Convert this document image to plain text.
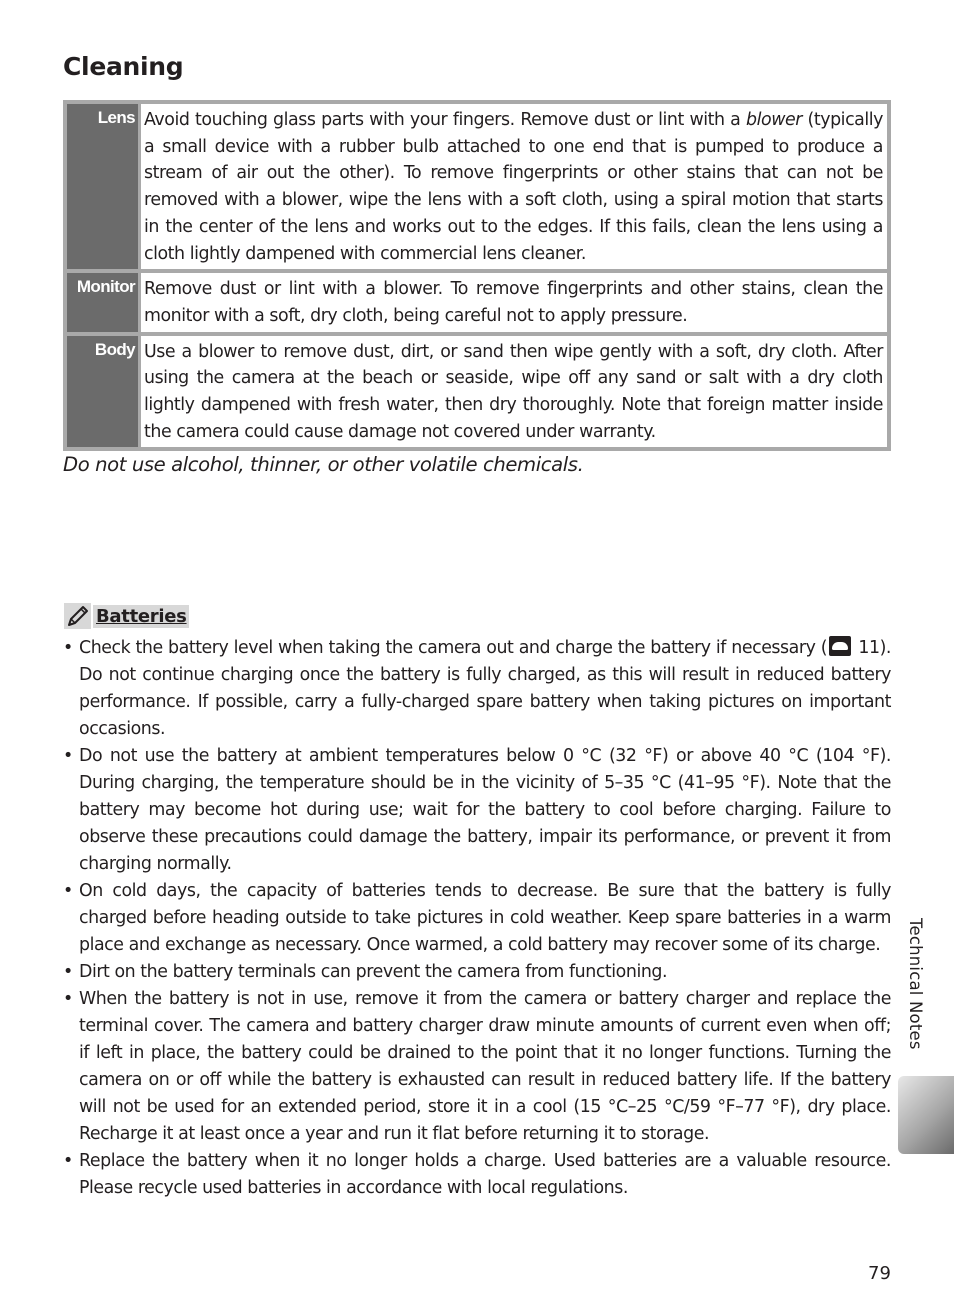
Cleaning
Lens	Avoid touching glass parts with your fingers. Remove dust or lint with a blower (typically a small device with a rubber bulb attached to one end that is pumped to produce a stream of air out the other). To remove fingerprints or other stains that can not be removed with a blower, wipe the lens with a soft cloth, using a spiral motion that starts in the center of the lens and works out to the edges. If this fails, clean the lens using a cloth lightly dampened with commercial lens cleaner.

Monitor	Remove dust or lint with a blower. To remove fingerprints and other stains, clean the monitor with a soft, dry cloth, being careful not to apply pressure.

Body	Use a blower to remove dust, dirt, or sand then wipe gently with a soft, dry cloth. After using the camera at the beach or seaside, wipe off any sand or salt with a dry cloth lightly dampened with fresh water, then dry thoroughly. Note that foreign matter inside the camera could cause damage not covered under warranty.
Do not use alcohol, thinner, or other volatile chemicals.
Batteries
• Check the battery level when taking the camera out and charge the battery if necessary ( 11). Do not continue charging once the battery is fully charged, as this will result in reduced battery performance. If possible, carry a fully-charged spare battery when taking pictures on important occasions.
• Do not use the battery at ambient temperatures below 0 °C (32 °F) or above 40 °C (104 °F). During charging, the temperature should be in the vicinity of 5–35 °C (41–95 °F). Note that the battery may become hot during use; wait for the battery to cool before charging. Failure to observe these precautions could damage the battery, impair its performance, or prevent it from charging normally.
• On cold days, the capacity of batteries tends to decrease. Be sure that the battery is fully charged before heading outside to take pictures in cold weather. Keep spare batteries in a warm place and exchange as necessary. Once warmed, a cold battery may recover some of its charge.
• Dirt on the battery terminals can prevent the camera from functioning.
• When the battery is not in use, remove it from the camera or battery charger and replace the terminal cover. The camera and battery charger draw minute amounts of current even when off; if left in place, the battery could be drained to the point that it no longer functions. Turning the camera on or off while the battery is exhausted can result in reduced battery life. If the battery will not be used for an extended period, store it in a cool (15 °C–25 °C/59 °F–77 °F), dry place. Recharge it at least once a year and run it flat before returning it to storage.
• Replace the battery when it no longer holds a charge. Used batteries are a valuable resource. Please recycle used batteries in accordance with local regulations.
Technical Notes
79
